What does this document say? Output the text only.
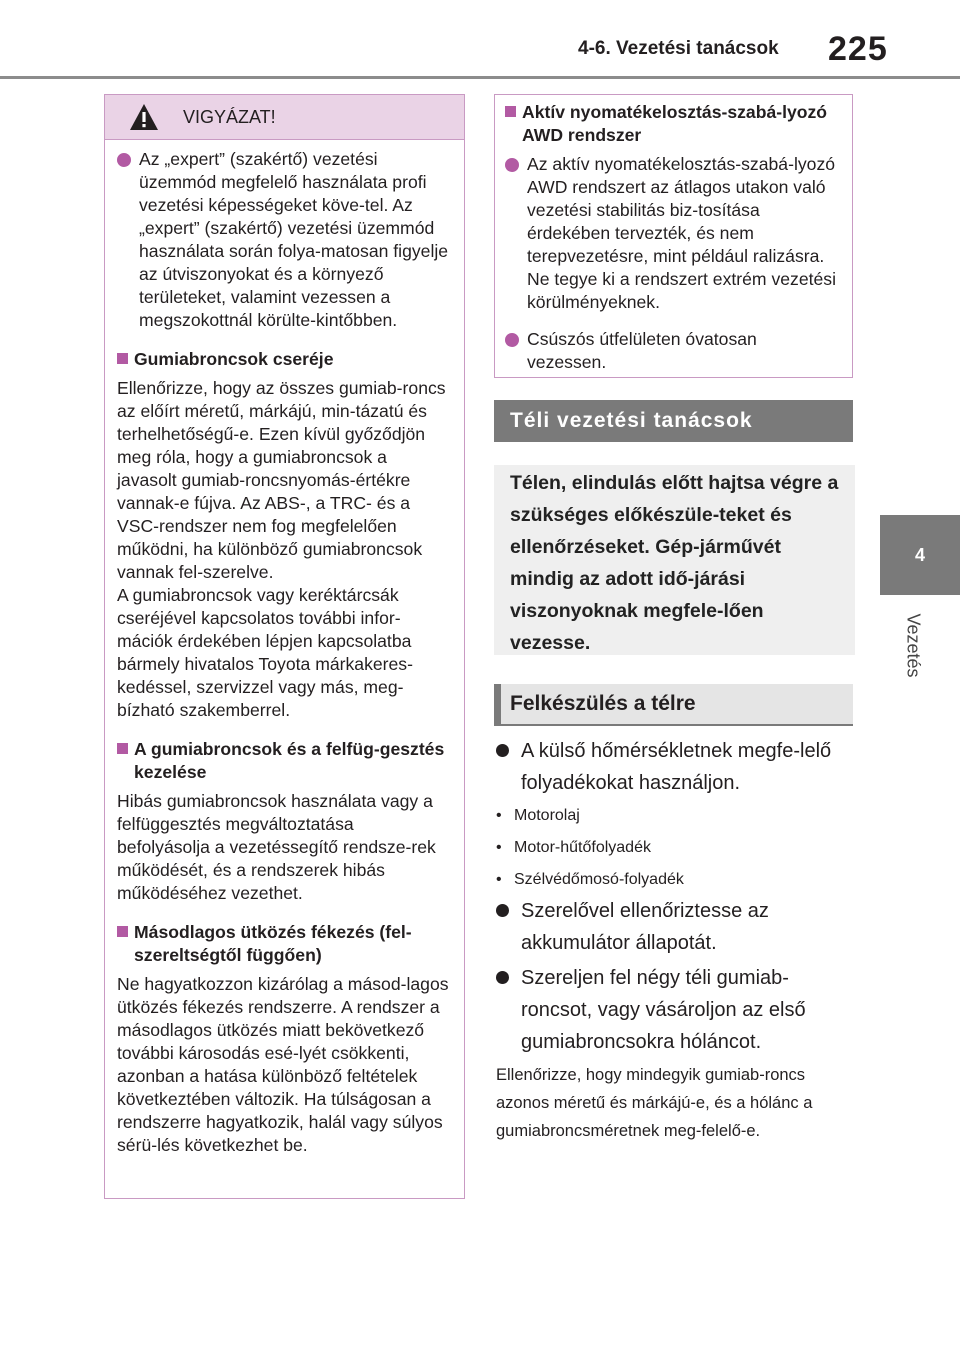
4-6. Vezetési tanácsok 225
4
Vezetés
VIGYÁZAT!

Az „expert” (szakértő) vezetési üzemmód megfelelő használata profi vezetési képességeket köve-tel. Az „expert” (szakértő) vezetési üzemmód használata során folya-matosan figyelje az útviszonyokat és a környező területeket, valamint vezessen a megszokottnál körülte-kintőbben.

Gumiabroncsok cseréje

Ellenőrizze, hogy az összes gumiab-roncs az előírt méretű, márkájú, min-tázatú és terhelhetőségű-e. Ezen kívül győződjön meg róla, hogy a gumiabroncsok a javasolt gumiab-roncsnyomás-értékre vannak-e fújva. Az ABS-, a TRC- és a VSC-rendszer nem fog megfelelően működni, ha különböző gumiabroncsok vannak fel-szerelve.

A gumiabroncsok vagy keréktárcsák cseréjével kapcsolatos további infor-mációk érdekében lépjen kapcsolatba bármely hivatalos Toyota márkakeres-kedéssel, szervizzel vagy más, meg-bízható szakemberrel.

A gumiabroncsok és a felfüg-gesztés kezelése

Hibás gumiabroncsok használata vagy a felfüggesztés megváltoztatása befolyásolja a vezetéssegítő rendsze-rek működését, és a rendszerek hibás működéséhez vezethet.

Másodlagos ütközés fékezés (fel-szereltségtől függően)

Ne hagyatkozzon kizárólag a másod-lagos ütközés fékezés rendszerre. A rendszer a másodlagos ütközés miatt bekövetkező további károsodás esé-lyét csökkenti, azonban a hatása különböző feltételek következtében változik. Ha túlságosan a rendszerre hagyatkozik, halál vagy súlyos sérü-lés következhet be.

Aktív nyomatékelosztás-szabá-lyozó AWD rendszer

Az aktív nyomatékelosztás-szabá-lyozó AWD rendszert az átlagos utakon való vezetési stabilitás biz-tosítása érdekében tervezték, és nem terepvezetésre, mint például ralizásra. Ne tegye ki a rendszert extrém vezetési körülményeknek.

Csúszós útfelületen óvatosan vezessen.

Téli vezetési tanácsok

Télen, elindulás előtt hajtsa végre a szükséges előkészüle-teket és ellenőrzéseket. Gép-járművét mindig az adott idő-járási viszonyoknak megfele-lően vezesse.

Felkészülés a télre

A külső hőmérsékletnek megfe-lelő folyadékokat használjon.

• Motorolaj
• Motor-hűtőfolyadék
• Szélvédőmosó-folyadék

Szerelővel ellenőriztesse az akkumulátor állapotát.

Szereljen fel négy téli gumiab-roncsot, vagy vásároljon az első gumiabroncsokra hóláncot.

Ellenőrizze, hogy mindegyik gumiab-roncs azonos méretű és márkájú-e, és a hólánc a gumiabroncsméretnek meg-felelő-e.
